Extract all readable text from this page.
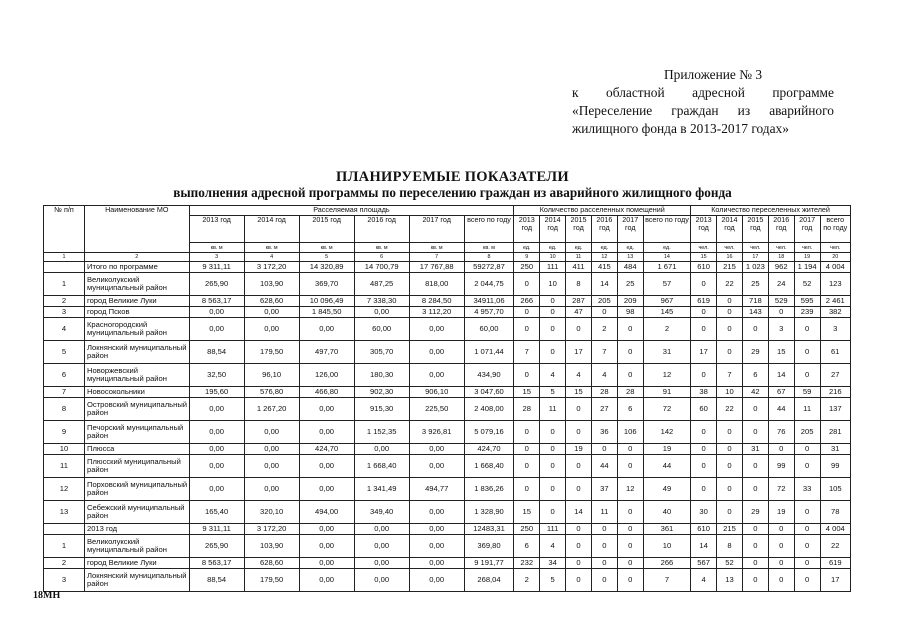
Приложение № 3
к областной адресной программе
«Переселение граждан из аварийного
жилищного фонда в 2013-2017 годах»
ПЛАНИРУЕМЫЕ ПОКАЗАТЕЛИ
выполнения адресной программы по переселению граждан из аварийного жилищного фонда
№ п/п	Наименование МО	Расселяемая площадь						Количество расселенных помещений						Количество переселенных жителей					
		2013 год	2014 год	2015 год	2016 год	2017 год	всего по году	2013 год	2014 год	2015 год	2016 год	2017 год	всего по году	2013 год	2014 год	2015 год	2016 год	2017 год	всего по году
		кв. м	кв. м	кв. м	кв. м	кв. м	кв. м	ед.	ед.	ед.	ед.	ед.	ед.	чел.	чел.	чел.	чел.	чел.	чел.
1	2	3	4	5	6	7	8	9	10	11	12	13	14	15	16	17	18	19	20
	Итого по программе	9 311,11	3 172,20	14 320,89	14 700,79	17 767,88	59272,87	250	111	411	415	484	1 671	610	215	1 023	962	1 194	4 004
1	Великолукский муниципальный район	265,90	103,90	369,70	487,25	818,00	2 044,75	0	10	8	14	25	57	0	22	25	24	52	123
2	город Великие Луки	8 563,17	628,60	10 096,49	7 338,30	8 284,50	34911,06	266	0	287	205	209	967	619	0	718	529	595	2 461
3	город Псков	0,00	0,00	1 845,50	0,00	3 112,20	4 957,70	0	0	47	0	98	145	0	0	143	0	239	382
4	Красногородский муниципальный район	0,00	0,00	0,00	60,00	0,00	60,00	0	0	0	2	0	2	0	0	0	3	0	3
5	Локнянский муниципальный район	88,54	179,50	497,70	305,70	0,00	1 071,44	7	0	17	7	0	31	17	0	29	15	0	61
6	Новоржевский муниципальный район	32,50	96,10	126,00	180,30	0,00	434,90	0	4	4	4	0	12	0	7	6	14	0	27
7	Новосокольники	195,60	576,80	466,80	902,30	906,10	3 047,60	15	5	15	28	28	91	38	10	42	67	59	216
8	Островский муниципальный район	0,00	1 267,20	0,00	915,30	225,50	2 408,00	28	11	0	27	6	72	60	22	0	44	11	137
9	Печорский муниципальный район	0,00	0,00	0,00	1 152,35	3 926,81	5 079,16	0	0	0	36	106	142	0	0	0	76	205	281
10	Плюсса	0,00	0,00	424,70	0,00	0,00	424,70	0	0	19	0	0	19	0	0	31	0	0	31
11	Плюсский муниципальный район	0,00	0,00	0,00	1 668,40	0,00	1 668,40	0	0	0	44	0	44	0	0	0	99	0	99
12	Порховский муниципальный район	0,00	0,00	0,00	1 341,49	494,77	1 836,26	0	0	0	37	12	49	0	0	0	72	33	105
13	Себежский муниципальный район	165,40	320,10	494,00	349,40	0,00	1 328,90	15	0	14	11	0	40	30	0	29	19	0	78
	2013 год	9 311,11	3 172,20	0,00	0,00	0,00	12483,31	250	111	0	0	0	361	610	215	0	0	0	4 004
1	Великолукский муниципальный район	265,90	103,90	0,00	0,00	0,00	369,80	6	4	0	0	0	10	14	8	0	0	0	22
2	город Великие Луки	8 563,17	628,60	0,00	0,00	0,00	9 191,77	232	34	0	0	0	266	567	52	0	0	0	619
3	Локнянский муниципальный район	88,54	179,50	0,00	0,00	0,00	268,04	2	5	0	0	0	7	4	13	0	0	0	17
18МН
